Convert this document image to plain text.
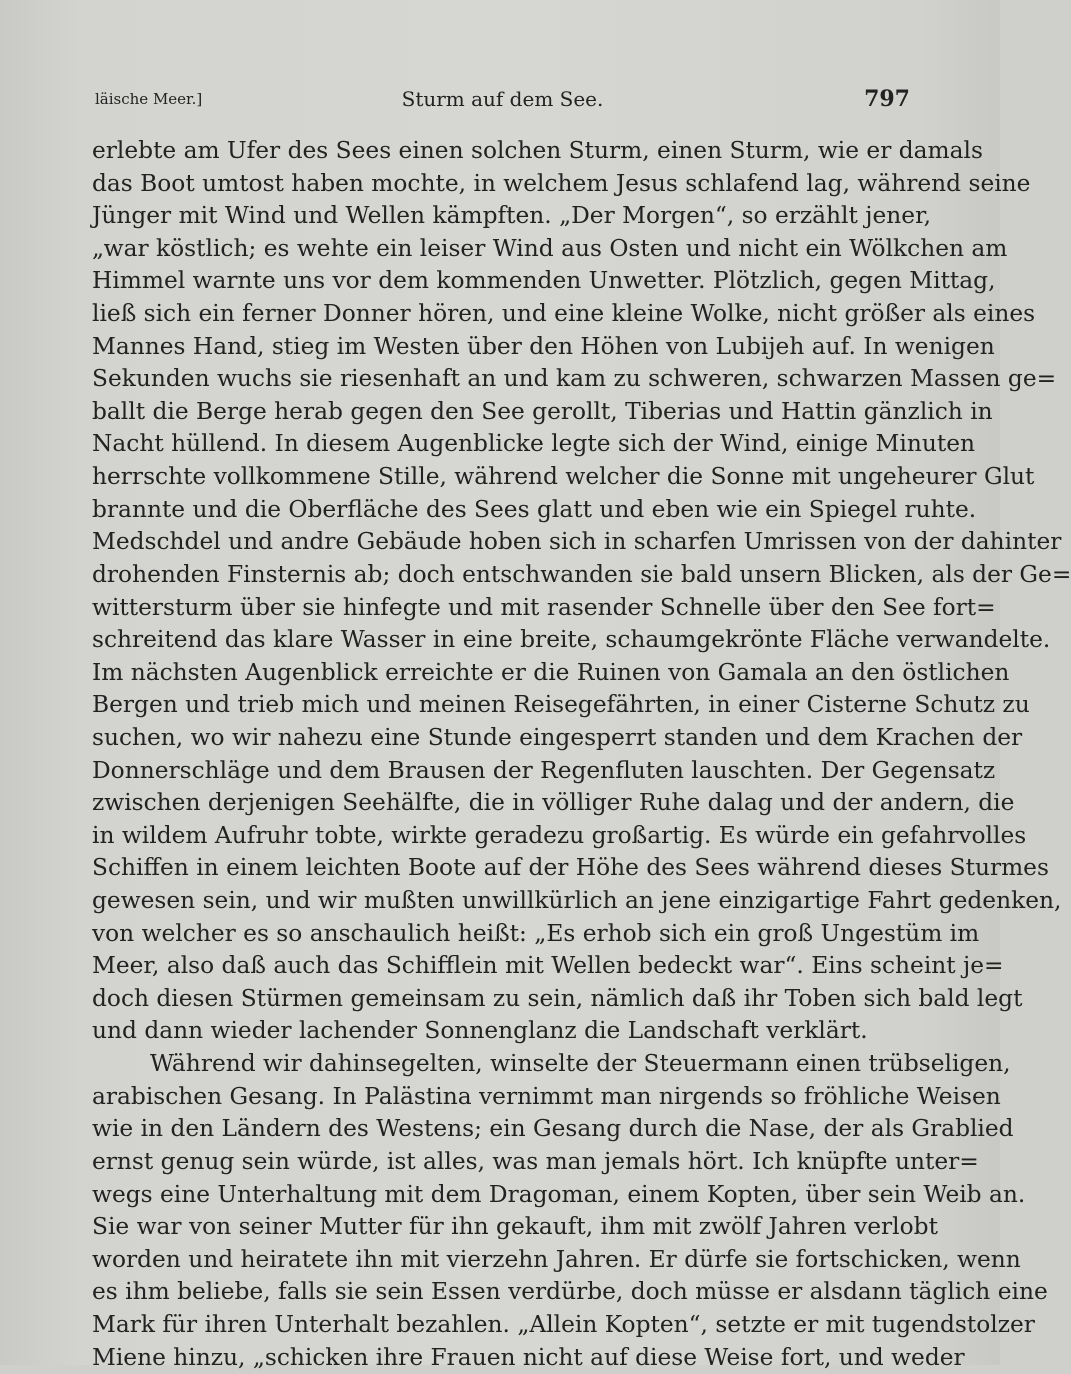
läische Meer.]	Sturm auf dem See.	797
erlebte am Ufer des Sees einen solchen Sturm, einen Sturm, wie er damals
das Boot umtost haben mochte, in welchem Jesus schlafend lag, während seine
Jünger mit Wind und Wellen kämpften. „Der Morgen“, so erzählt jener,
„war köstlich; es wehte ein leiser Wind aus Osten und nicht ein Wölkchen am
Himmel warnte uns vor dem kommenden Unwetter. Plötzlich, gegen Mittag,
ließ sich ein ferner Donner hören, und eine kleine Wolke, nicht größer als eines
Mannes Hand, stieg im Westen über den Höhen von Lubijeh auf. In wenigen
Sekunden wuchs sie riesenhaft an und kam zu schweren, schwarzen Massen ge=
ballt die Berge herab gegen den See gerollt, Tiberias und Hattin gänzlich in
Nacht hüllend. In diesem Augenblicke legte sich der Wind, einige Minuten
herrschte vollkommene Stille, während welcher die Sonne mit ungeheurer Glut
brannte und die Oberfläche des Sees glatt und eben wie ein Spiegel ruhte.
Medschdel und andre Gebäude hoben sich in scharfen Umrissen von der dahinter
drohenden Finsternis ab; doch entschwanden sie bald unsern Blicken, als der Ge=
wittersturm über sie hinfegte und mit rasender Schnelle über den See fort=
schreitend das klare Wasser in eine breite, schaumgekrönte Fläche verwandelte.
Im nächsten Augenblick erreichte er die Ruinen von Gamala an den östlichen
Bergen und trieb mich und meinen Reisegefährten, in einer Cisterne Schutz zu
suchen, wo wir nahezu eine Stunde eingesperrt standen und dem Krachen der
Donnerschläge und dem Brausen der Regenfluten lauschten. Der Gegensatz
zwischen derjenigen Seehälfte, die in völliger Ruhe dalag und der andern, die
in wildem Aufruhr tobte, wirkte geradezu großartig. Es würde ein gefahrvolles
Schiffen in einem leichten Boote auf der Höhe des Sees während dieses Sturmes
gewesen sein, und wir mußten unwillkürlich an jene einzigartige Fahrt gedenken,
von welcher es so anschaulich heißt: „Es erhob sich ein groß Ungestüm im
Meer, also daß auch das Schifflein mit Wellen bedeckt war“. Eins scheint je=
doch diesen Stürmen gemeinsam zu sein, nämlich daß ihr Toben sich bald legt
und dann wieder lachender Sonnenglanz die Landschaft verklärt.
Während wir dahinsegelten, winselte der Steuermann einen trübseligen,
arabischen Gesang. In Palästina vernimmt man nirgends so fröhliche Weisen
wie in den Ländern des Westens; ein Gesang durch die Nase, der als Grablied
ernst genug sein würde, ist alles, was man jemals hört. Ich knüpfte unter=
wegs eine Unterhaltung mit dem Dragoman, einem Kopten, über sein Weib an.
Sie war von seiner Mutter für ihn gekauft, ihm mit zwölf Jahren verlobt
worden und heiratete ihn mit vierzehn Jahren. Er dürfe sie fortschicken, wenn
es ihm beliebe, falls sie sein Essen verdürbe, doch müsse er alsdann täglich eine
Mark für ihren Unterhalt bezahlen. „Allein Kopten“, setzte er mit tugendstolzer
Miene hinzu, „schicken ihre Frauen nicht auf diese Weise fort, und weder
